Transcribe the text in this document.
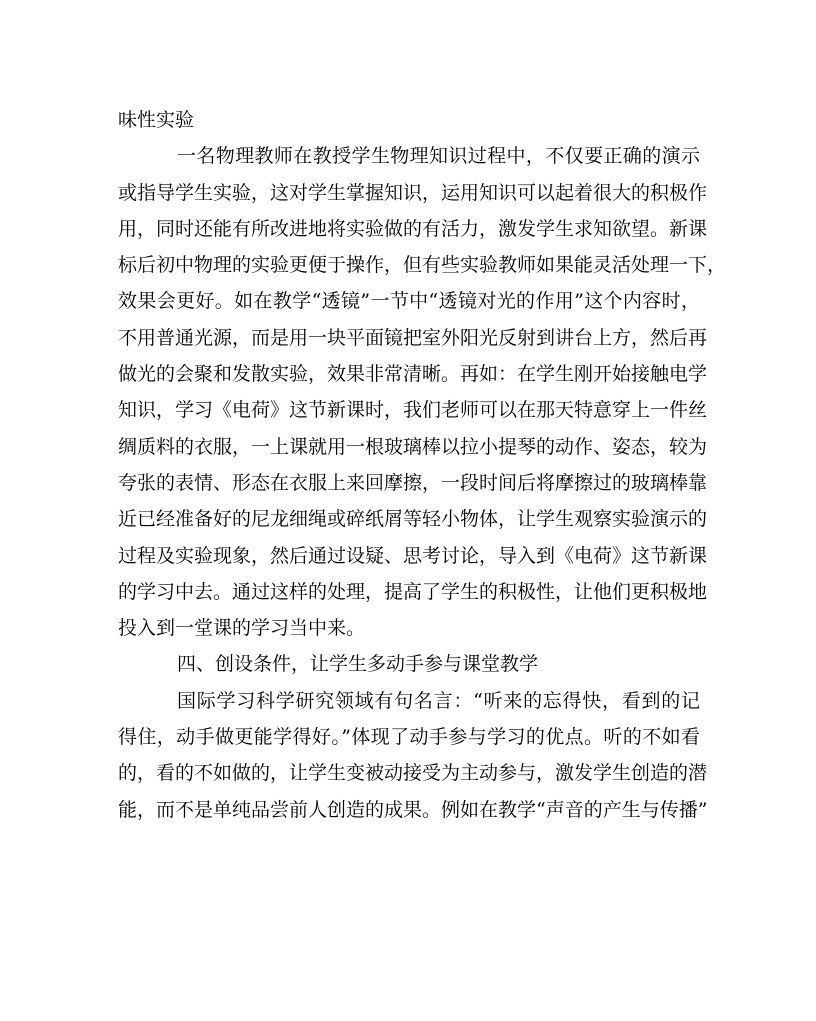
味性实验
一名物理教师在教授学生物理知识过程中，不仅要正确的演示
或指导学生实验，这对学生掌握知识，运用知识可以起着很大的积极作
用，同时还能有所改进地将实验做的有活力，激发学生求知欲望。新课
标后初中物理的实验更便于操作，但有些实验教师如果能灵活处理一下，
效果会更好。如在教学“透镜”一节中“透镜对光的作用”这个内容时，
不用普通光源，而是用一块平面镜把室外阳光反射到讲台上方，然后再
做光的会聚和发散实验，效果非常清晰。再如：在学生刚开始接触电学
知识，学习《电荷》这节新课时，我们老师可以在那天特意穿上一件丝
绸质料的衣服，一上课就用一根玻璃棒以拉小提琴的动作、姿态，较为
夸张的表情、形态在衣服上来回摩擦，一段时间后将摩擦过的玻璃棒靠
近已经准备好的尼龙细绳或碎纸屑等轻小物体，让学生观察实验演示的
过程及实验现象，然后通过设疑、思考讨论，导入到《电荷》这节新课
的学习中去。通过这样的处理，提高了学生的积极性，让他们更积极地
投入到一堂课的学习当中来。
四、创设条件，让学生多动手参与课堂教学
国际学习科学研究领域有句名言：“听来的忘得快，看到的记
得住，动手做更能学得好。”体现了动手参与学习的优点。听的不如看
的，看的不如做的，让学生变被动接受为主动参与，激发学生创造的潜
能，而不是单纯品尝前人创造的成果。例如在教学“声音的产生与传播”
